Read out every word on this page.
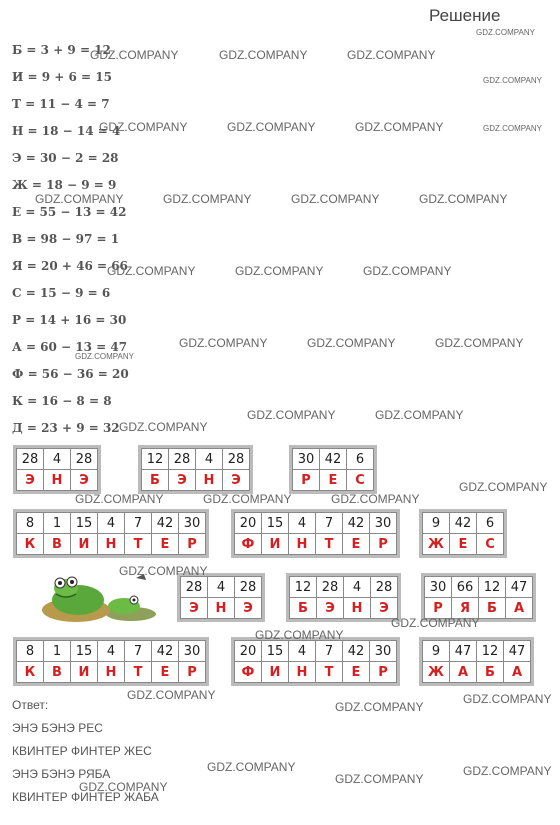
Решение
Б = 3 + 9 = 12
И = 9 + 6 = 15
Т = 11 − 4 = 7
Н = 18 − 14 = 4
Э = 30 − 2 = 28
Ж = 18 − 9 = 9
Е = 55 − 13 = 42
В = 98 − 97 = 1
Я = 20 + 46 = 66
С = 15 − 9 = 6
Р = 14 + 16 = 30
А = 60 − 13 = 47
Ф = 56 − 36 = 20
К = 16 − 8 = 8
Д = 23 + 9 = 32
28	4	28
Э	Н	Э
12	28	4	28
Б	Э	Н	Э
30	42	6
Р	Е	С
8	1	15	4	7	42	30
К	В	И	Н	Т	Е	Р
20	15	4	7	42	30
Ф	И	Н	Т	Е	Р
9	42	6
Ж	Е	С
28	4	28
Э	Н	Э
12	28	4	28
Б	Э	Н	Э
30	66	12	47
Р	Я	Б	А
8	1	15	4	7	42	30
К	В	И	Н	Т	Е	Р
20	15	4	7	42	30
Ф	И	Н	Т	Е	Р
9	47	12	47
Ж	А	Б	А
Ответ:
ЭНЭ БЭНЭ РЕС
КВИНТЕР ФИНТЕР ЖЕС
ЭНЭ БЭНЭ РЯБА
КВИНТЕР ФИНТЕР ЖАБА
GDZ.COMPANY
GDZ.COMPANY	GDZ.COMPANY	GDZ.COMPANY
GDZ.COMPANY
GDZ.COMPANY	GDZ.COMPANY	GDZ.COMPANY	GDZ.COMPANY
GDZ.COMPANY	GDZ.COMPANY	GDZ.COMPANY	GDZ.COMPANY
GDZ.COMPANY	GDZ.COMPANY	GDZ.COMPANY
GDZ.COMPANY	GDZ.COMPANY	GDZ.COMPANY
GDZ.COMPANY
GDZ.COMPANY	GDZ.COMPANY
GDZ.COMPANY
GDZ.COMPANY
GDZ.COMPANY	GDZ.COMPANY	GDZ.COMPANY
GDZ.COMPANY
GDZ.COMPANY
GDZ.COMPANY
GDZ.COMPANY	GDZ.COMPANY
GDZ.COMPANY
GDZ.COMPANY	GDZ.COMPANY
GDZ.COMPANY
GDZ.COMPANY
